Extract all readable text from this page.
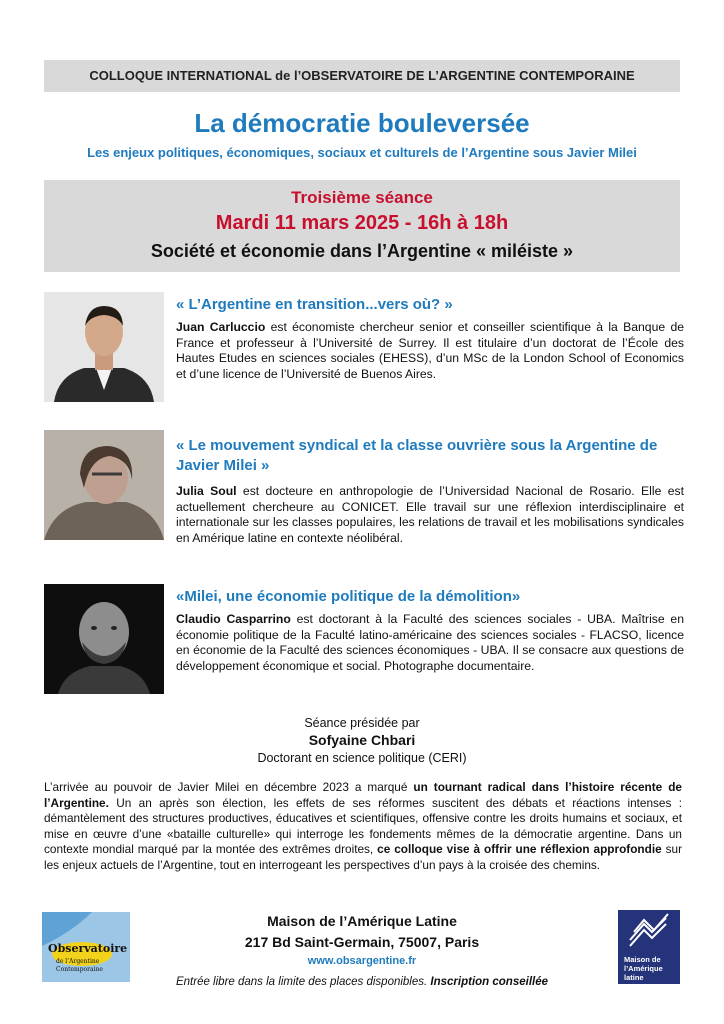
COLLOQUE INTERNATIONAL de l’OBSERVATOIRE DE L’ARGENTINE CONTEMPORAINE
La démocratie bouleversée
Les enjeux politiques, économiques, sociaux et culturels de l’Argentine sous Javier Milei
Troisième séance
Mardi 11 mars 2025 - 16h à 18h
Société et économie dans l’Argentine « miléiste »
« L’Argentine en transition...vers où? »
Juan Carluccio est économiste chercheur senior et conseiller scientifique à la Banque de France et professeur à l’Université de Surrey. Il est titulaire d’un doctorat de l’École des Hautes Etudes en sciences sociales (EHESS), d’un MSc de la London School of Economics et d’une licence de l’Université de Buenos Aires.
« Le mouvement syndical et la classe ouvrière sous la Argentine de Javier Milei »
Julia Soul est docteure en anthropologie de l’Universidad Nacional de Rosario. Elle est actuellement chercheure au CONICET. Elle travail sur une réflexion interdisciplinaire et internationale sur les classes populaires, les relations de travail et les mobilisations syndicales en Amérique latine en contexte néolibéral.
«Milei, une économie politique de la démolition»
Claudio Casparrino est doctorant à la Faculté des sciences sociales - UBA. Maîtrise en économie politique de la Faculté latino-américaine des sciences sociales - FLACSO, licence en économie de la Faculté des sciences économiques - UBA. Il se consacre aux questions de développement économique et social. Photographe documentaire.
Séance présidée par
Sofyaine Chbari
Doctorant en science politique (CERI)
L’arrivée au pouvoir de Javier Milei en décembre 2023 a marqué un tournant radical dans l’histoire récente de l’Argentine. Un an après son élection, les effets de ses réformes suscitent des débats et réactions intenses : démantèlement des structures productives, éducatives et scientifiques, offensive contre les droits humains et sociaux, et mise en œuvre d’une «bataille culturelle» qui interroge les fondements mêmes de la démocratie argentine. Dans un contexte mondial marqué par la montée des extrêmes droites, ce colloque vise à offrir une réflexion approfondie sur les enjeux actuels de l’Argentine, tout en interrogeant les perspectives d’un pays à la croisée des chemins.
Observatoire
de l’Argentine
Contemporaine
Maison de
l’Amérique
latine
Maison de l’Amérique Latine
217 Bd Saint-Germain, 75007, Paris
www.obsargentine.fr
Entrée libre dans la limite des places disponibles. Inscription conseillée
